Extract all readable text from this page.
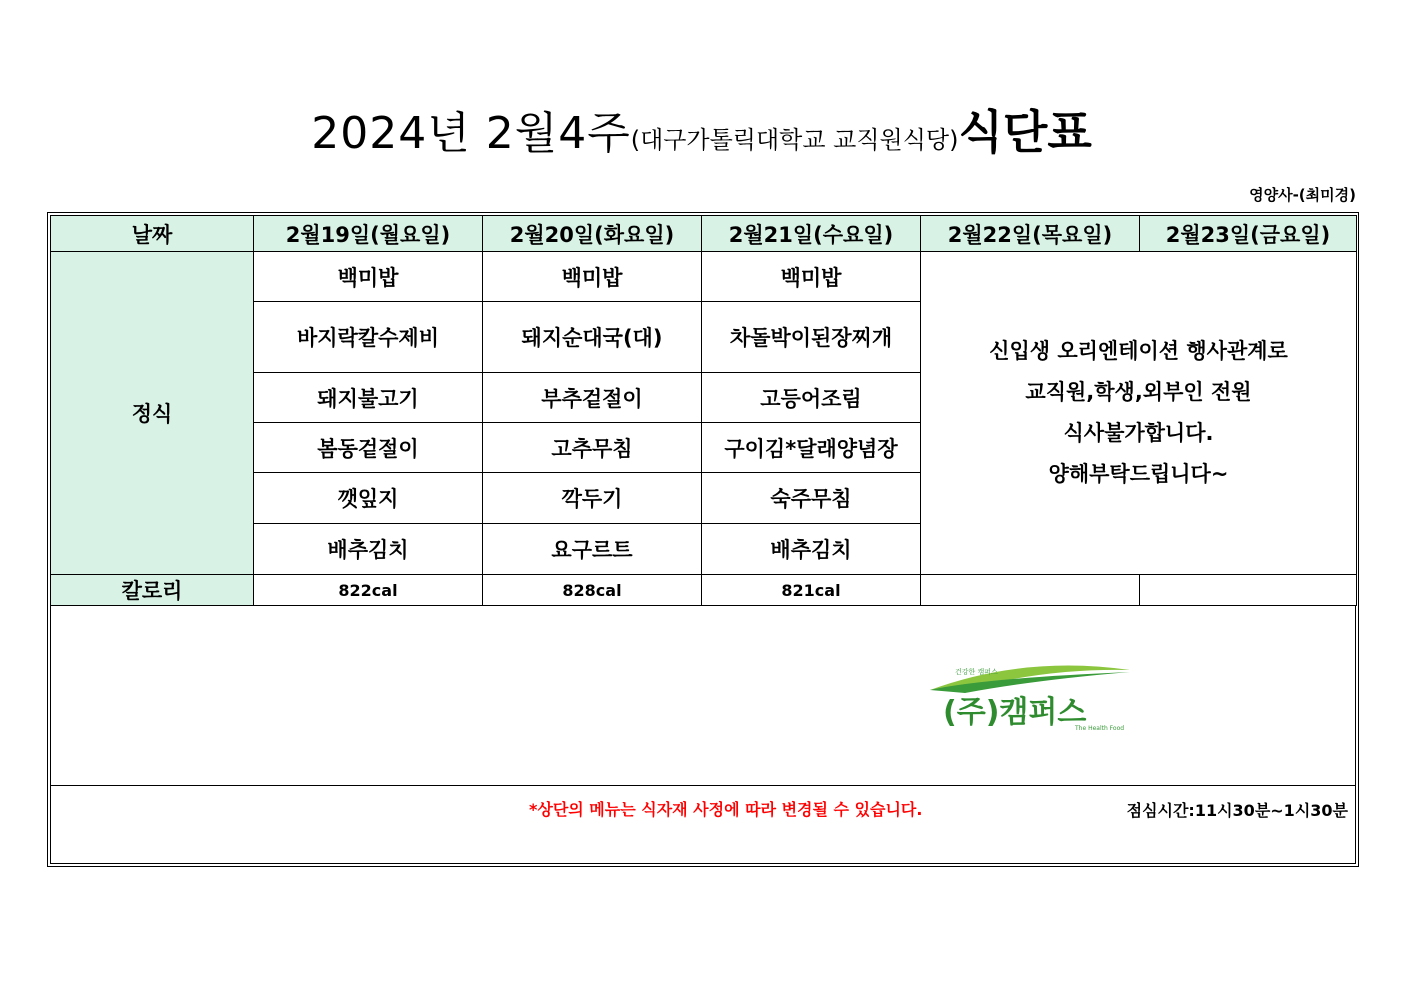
2024년 2월4주(대구가톨릭대학교 교직원식당)식단표
영양사-(최미경)
날짜	2월19일(월요일)	2월20일(화요일)	2월21일(수요일)	2월22일(목요일)	2월23일(금요일)
정식	백미밥	백미밥	백미밥	신입생 오리엔테이션 행사관계로
교직원,학생,외부인 전원
식사불가합니다.
양해부탁드립니다~	

	바지락칼수제비	돼지순대국(대)	차돌박이된장찌개		
	돼지불고기	부추겉절이	고등어조림		
	봄동겉절이	고추무침	구이김*달래양념장		
	깻잎지	깍두기	숙주무침		
	배추김치	요구르트	배추김치		
칼로리	822cal	828cal	821cal		
건강한 캠퍼스
(주)캠퍼스
The Health Food
*상단의 메뉴는 식자재 사정에 따라 변경될 수 있습니다.	점심시간:11시30분~1시30분
